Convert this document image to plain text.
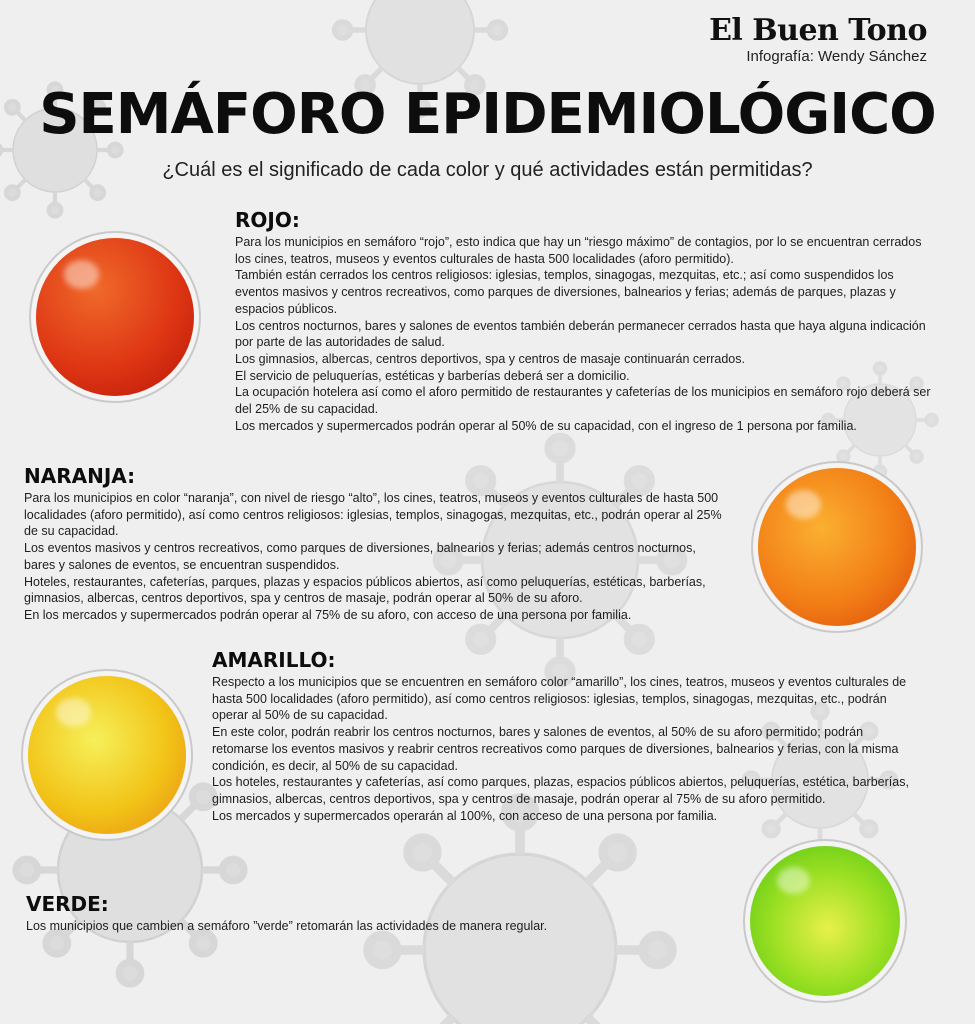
El Buen Tono
Infografía: Wendy Sánchez
SEMÁFORO EPIDEMIOLÓGICO
¿Cuál es el significado de cada color y qué actividades están permitidas?
ROJO:

Para los municipios en semáforo “rojo”, esto indica que hay un “riesgo máximo” de contagios, por lo se encuentran cerrados los cines, teatros, museos y eventos culturales de hasta 500 localidades (aforo permitido).

También están cerrados los centros religiosos: iglesias, templos, sinagogas, mezquitas, etc.; así como suspendidos los eventos masivos y centros recreativos, como parques de diversiones, balnearios y ferias; además de parques, plazas y espacios públicos.

Los centros nocturnos, bares y salones de eventos también deberán permanecer cerrados hasta que haya alguna indicación por parte de las autoridades de salud.

Los gimnasios, albercas, centros deportivos, spa y centros de masaje continuarán cerrados.

El servicio de peluquerías, estéticas y barberías deberá ser a domicilio.

La ocupación hotelera así como el aforo permitido de restaurantes y cafeterías de los municipios en semáforo rojo deberá ser del 25% de su capacidad.

Los mercados y supermercados podrán operar al 50% de su capacidad, con el ingreso de 1 persona por familia.

NARANJA:

Para los municipios en color “naranja”, con nivel de riesgo “alto”, los cines, teatros, museos y eventos culturales de hasta 500 localidades (aforo permitido), así como centros religiosos: iglesias, templos, sinagogas, mezquitas, etc., podrán operar al 25% de su capacidad.

Los eventos masivos y centros recreativos, como parques de diversiones, balnearios y ferias; además centros nocturnos, bares y salones de eventos, se encuentran suspendidos.

Hoteles, restaurantes, cafeterías, parques, plazas y espacios públicos abiertos, así como peluquerías, estéticas, barberías, gimnasios, albercas, centros deportivos, spa y centros de masaje, podrán operar al 50% de su aforo.

En los mercados y supermercados podrán operar al 75% de su aforo, con acceso de una persona por familia.

AMARILLO:

Respecto a los municipios que se encuentren en semáforo color “amarillo”, los cines, teatros, museos y eventos culturales de hasta 500 localidades (aforo permitido), así como centros religiosos: iglesias, templos, sinagogas, mezquitas, etc., podrán operar al 50% de su capacidad.

En este color, podrán reabrir los centros nocturnos, bares y salones de eventos, al 50% de su aforo permitido; podrán retomarse los eventos masivos y reabrir centros recreativos como parques de diversiones, balnearios y ferias, con la misma condición, es decir, al 50% de su capacidad.

Los hoteles, restaurantes y cafeterías, así como parques, plazas, espacios públicos abiertos, peluquerías, estética, barberías, gimnasios, albercas, centros deportivos, spa y centros de masaje, podrán operar al 75% de su aforo permitido.

Los mercados y supermercados operarán al 100%, con acceso de una persona por familia.

VERDE:

Los municipios que cambien a semáforo ”verde” retomarán las actividades de manera regular.
